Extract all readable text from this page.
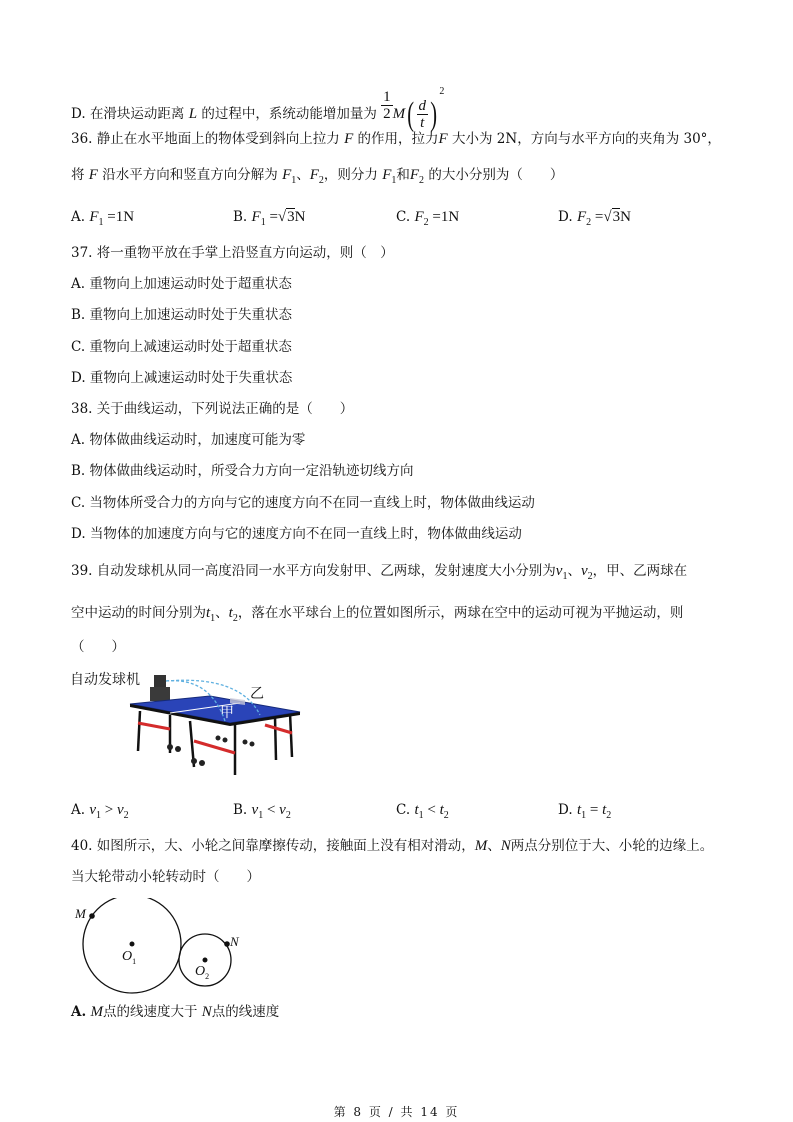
D. 在滑块运动距离 L 的过程中，系统动能增加量为 $\frac{1}{2} M( \frac{d}{t} )^2$
36. 静止在水平地面上的物体受到斜向上拉力 F 的作用，拉力F 大小为 2N，方向与水平方向的夹角为 30°，
将 F 沿水平方向和竖直方向分解为 $F_1$、$F_2$，则分力 $F_1$和$F_2$ 的大小分别为（　　）
A. $F_1 =1N$	B. $F_1 =√3N$	C. $F_2 =1N$	D. $F_2 =√3N$
37. 将一重物平放在手掌上沿竖直方向运动，则（　）
A. 重物向上加速运动时处于超重状态
B. 重物向上加速运动时处于失重状态
C. 重物向上减速运动时处于超重状态
D. 重物向上减速运动时处于失重状态
38. 关于曲线运动，下列说法正确的是（　　）
A. 物体做曲线运动时，加速度可能为零
B. 物体做曲线运动时，所受合力方向一定沿轨迹切线方向
C. 当物体所受合力的方向与它的速度方向不在同一直线上时，物体做曲线运动
D. 当物体的加速度方向与它的速度方向不在同一直线上时，物体做曲线运动
39. 自动发球机从同一高度沿同一水平方向发射甲、乙两球，发射速度大小分别为$v_1$、$v_2$，甲、乙两球在
空中运动的时间分别为$t_1$、$t_2$，落在水平球台上的位置如图所示，两球在空中的运动可视为平抛运动，则
（　　）
自动发球机
甲
乙
A. $v_1 > v_2$	B. $v_1 < v_2$	C. $t_1 < t_2$	D. $t_1 = t_2$
40. 如图所示，大、小轮之间靠摩擦传动，接触面上没有相对滑动，M、N两点分别位于大、小轮的边缘上。
当大轮带动小轮转动时（　　）
M
N
$O_1$
$O_2$
A. M点的线速度大于 N点的线速度
第 8 页 / 共 14 页
